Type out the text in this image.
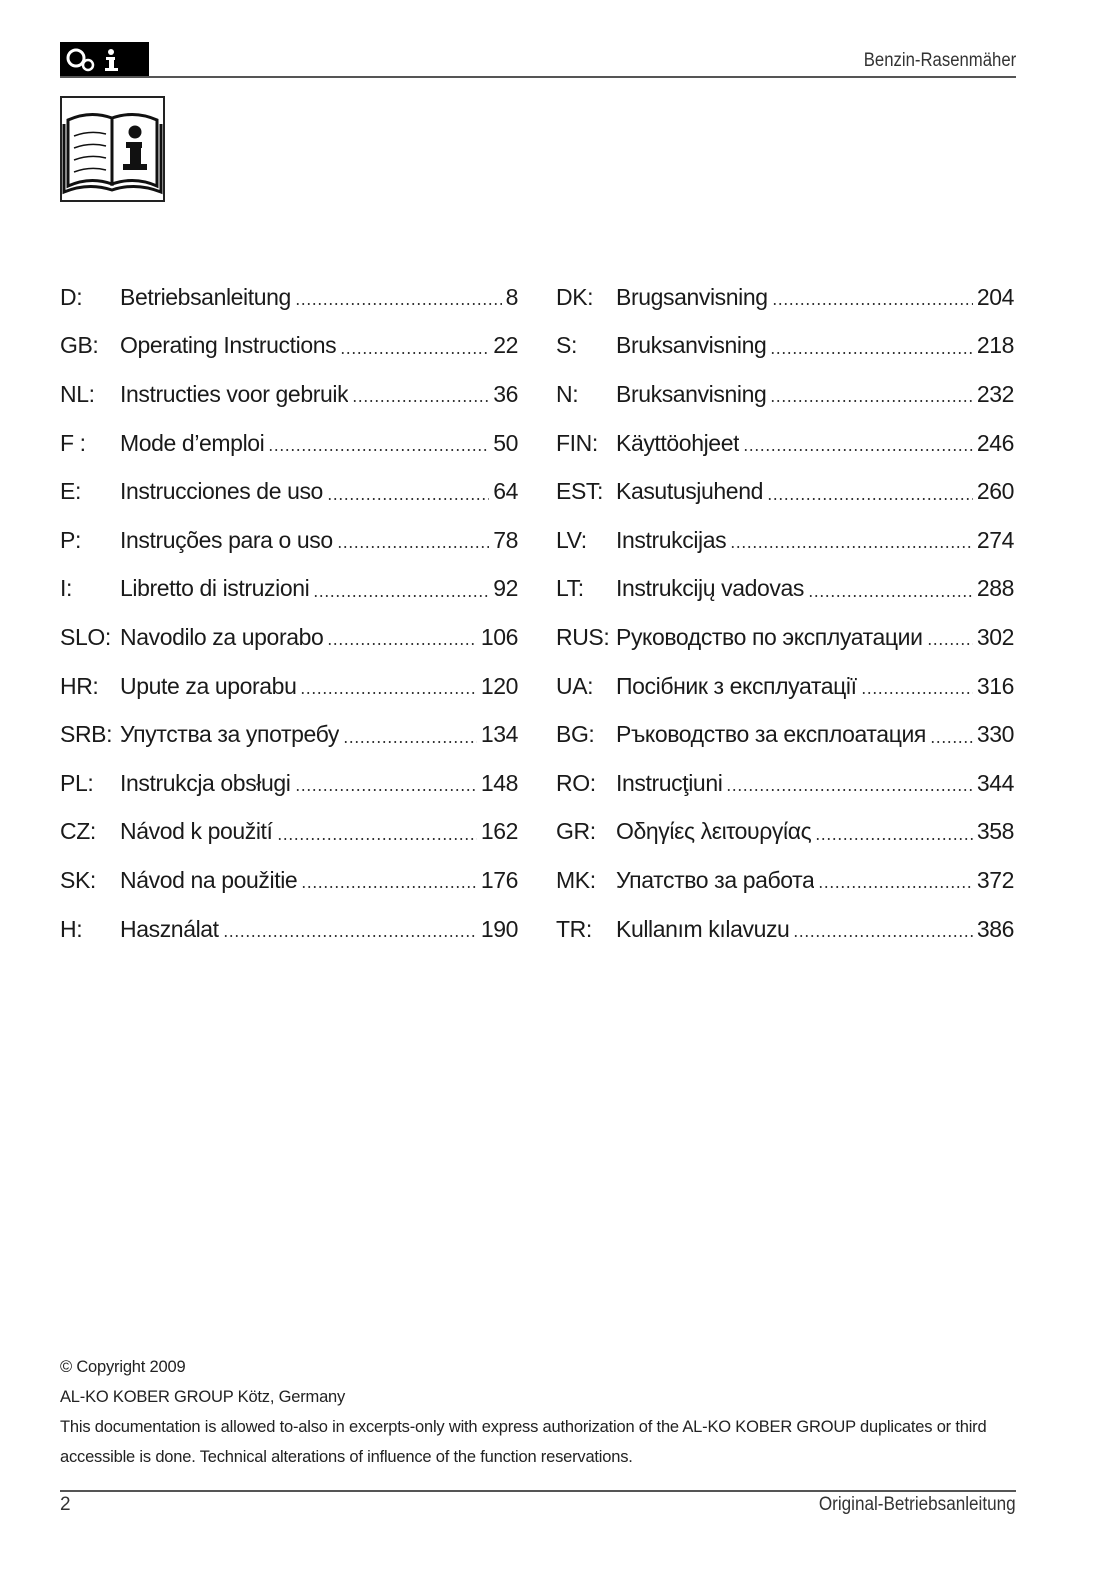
Benzin-Rasenmäher
D:	Betriebsanleitung	8
GB: Operating Instructions	22
NL:	Instructies voor gebruik	36
F :	Mode d’emploi	50
E:	Instrucciones de uso	64
P:	Instruções para o uso	78
I:	Libretto di istruzioni	92
SLO: Navodilo za uporabo	106
HR: Upute za uporabu	120
SRB: Упутства за употребу	134
PL:	Instrukcja obsługi	148
CZ:	Návod k použití	162
SK:	Návod na použitie	176
H:	Használat	190
DK: Brugsanvisning	204
S:	Bruksanvisning	218
N:	Bruksanvisning	232
FIN: Käyttöohjeet	246
EST: Kasutusjuhend	260
LV:	Instrukcijas	274
LT:	Instrukcijų vadovas	288
RUS: Руководство по эксплуатации 302
UA: Посібник з експлуатації	316
BG: Ръководство за експлоатация 330
RO: Instrucţiuni	344
GR: Οδηγίες λειτουργίας	358
MK: Упатство за работа	372
TR:	Kullanım kılavuzu	386
© Copyright 2009
AL-KO KOBER GROUP Kötz, Germany
This documentation is allowed to-also in excerpts-only with express authorization of the AL-KO KOBER GROUP duplicates or third accessible is done. Technical alterations of influence of the function reservations.
2	Original-Betriebsanleitung
